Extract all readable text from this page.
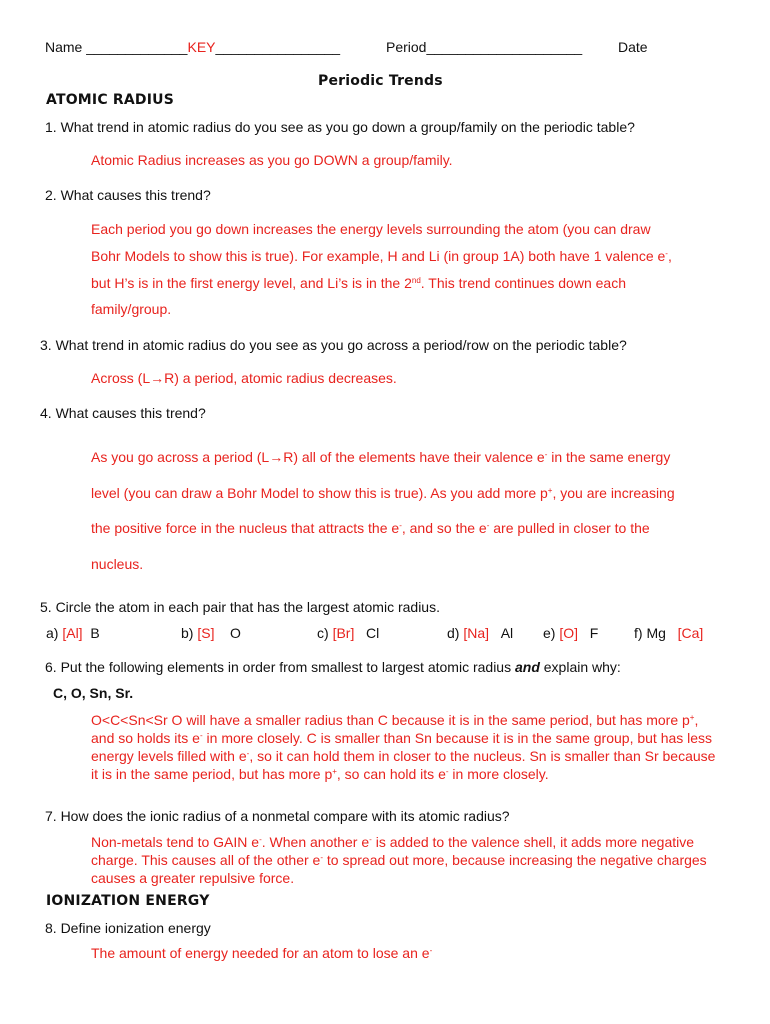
Name _____________KEY________________	Period____________________	Date
Periodic Trends
ATOMIC RADIUS
1. What trend in atomic radius do you see as you go down a group/family on the periodic table?
Atomic Radius increases as you go DOWN a group/family.
2. What causes this trend?
Each period you go down increases the energy levels surrounding the atom (you can draw
Bohr Models to show this is true). For example, H and Li (in group 1A) both have 1 valence e-,
but H’s is in the first energy level, and Li’s is in the 2nd. This trend continues down each
family/group.
3. What trend in atomic radius do you see as you go across a period/row on the periodic table?
Across (L→R) a period, atomic radius decreases.
4. What causes this trend?
As you go across a period (L→R) all of the elements have their valence e- in the same energy
level (you can draw a Bohr Model to show this is true). As you add more p+, you are increasing
the positive force in the nucleus that attracts the e-, and so the e- are pulled in closer to the
nucleus.
5. Circle the atom in each pair that has the largest atomic radius.
a) [Al] B	b) [S] O	c) [Br] Cl	d) [Na] Al e) [O] F	f) Mg [Ca]
6. Put the following elements in order from smallest to largest atomic radius and explain why:
C, O, Sn, Sr.
O<C<Sn<Sr O will have a smaller radius than C because it is in the same period, but has more p+, and so holds its e- in more closely. C is smaller than Sn because it is in the same group, but has less energy levels filled with e-, so it can hold them in closer to the nucleus. Sn is smaller than Sr because it is in the same period, but has more p+, so can hold its e- in more closely.
7. How does the ionic radius of a nonmetal compare with its atomic radius?
Non-metals tend to GAIN e-. When another e- is added to the valence shell, it adds more negative charge. This causes all of the other e- to spread out more, because increasing the negative charges causes a greater repulsive force.
IONIZATION ENERGY
8. Define ionization energy
The amount of energy needed for an atom to lose an e-
